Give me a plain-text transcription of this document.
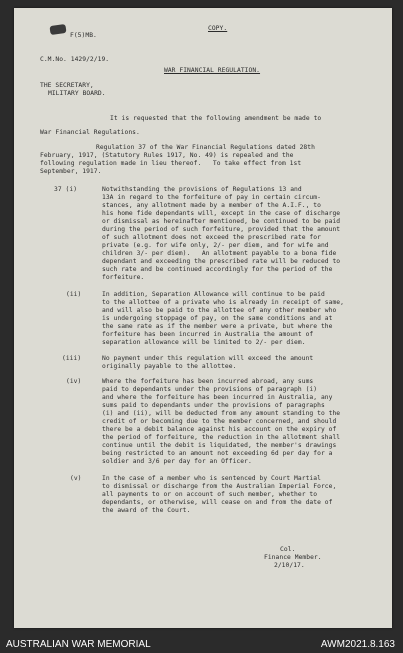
COPY.
F(5)MB.
C.M.No. 1429/2/19.
WAR FINANCIAL REGULATION.
THE SECRETARY,
MILITARY BOARD.
It is requested that the following amendment be made to
War Financial Regulations.
Regulation 37 of the War Financial Regulations dated 28th
February, 1917, (Statutory Rules 1917, No. 49) is repealed and the
following regulation made in lieu thereof.   To take effect from 1st
September, 1917.
37 (i)	Notwithstanding the provisions of Regulations 13 and
13A in regard to the forfeiture of pay in certain circum-
stances, any allotment made by a member of the A.I.F., to
his home fide dependants will, except in the case of discharge
or dismissal as hereinafter mentioned, be continued to be paid
during the period of such forfeiture, provided that the amount
of such allotment does not exceed the prescribed rate for
private (e.g. for wife only, 2/- per diem, and for wife and
children 3/- per diem).   An allotment payable to a bona fide
dependant and exceeding the prescribed rate will be reduced to
such rate and be continued accordingly for the period of the
forfeiture.
(ii)	In addition, Separation Allowance will continue to be paid
to the allottee of a private who is already in receipt of same,
and will also be paid to the allottee of any other member who
is undergoing stoppage of pay, on the same conditions and at
the same rate as if the member were a private, but where the
forfeiture has been incurred in Australia the amount of
separation allowance will be limited to 2/- per diem.
(iii)	No payment under this regulation will exceed the amount
originally payable to the allottee.
(iv)	Where the forfeiture has been incurred abroad, any sums
paid to dependants under the provisions of paragraph (i)
and where the forfeiture has been incurred in Australia, any
sums paid to dependants under the provisions of paragraphs
(i) and (ii), will be deducted from any amount standing to the
credit of or becoming due to the member concerned, and should
there be a debit balance against his account on the expiry of
the period of forfeiture, the reduction in the allotment shall
continue until the debit is liquidated, the member's drawings
being restricted to an amount not exceeding 6d per day for a
soldier and 3/6 per day for an Officer.
(v)	In the case of a member who is sentenced by Court Martial
to dismissal or discharge from the Australian Imperial Force,
all payments to or on account of such member, whether to
dependants, or otherwise, will cease on and from the date of
the award of the Court.
Col.
Finance Member.
2/10/17.
AUSTRALIAN WAR MEMORIAL	AWM2021.8.163
